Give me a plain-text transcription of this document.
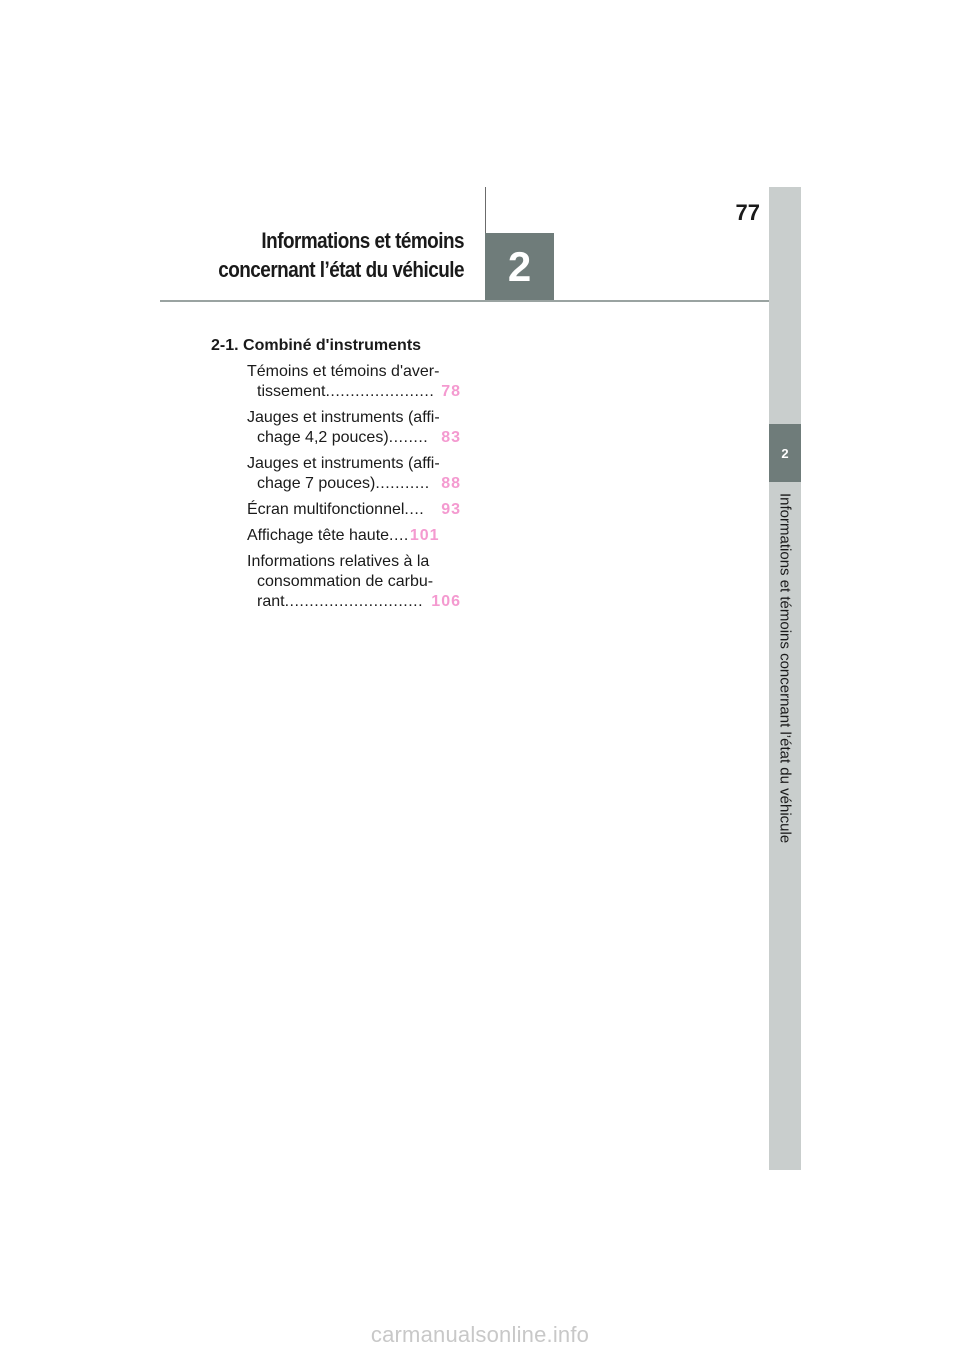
77
Informations et témoins
concernant l’état du véhicule	2
2
Informations et témoins concernant l’état du véhicule
2-1. Combiné d'instruments
Témoins et témoins d'aver-
tissement ...................... 78
Jauges et instruments (affi-
chage 4,2 pouces) ........ 83
Jauges et instruments (affi-
chage 7 pouces) ........... 88
Écran multifonctionnel ....	93
Affichage tête haute .... 101
Informations relatives à la
consommation de carbu-
rant ............................ 106
carmanualsonline.info
